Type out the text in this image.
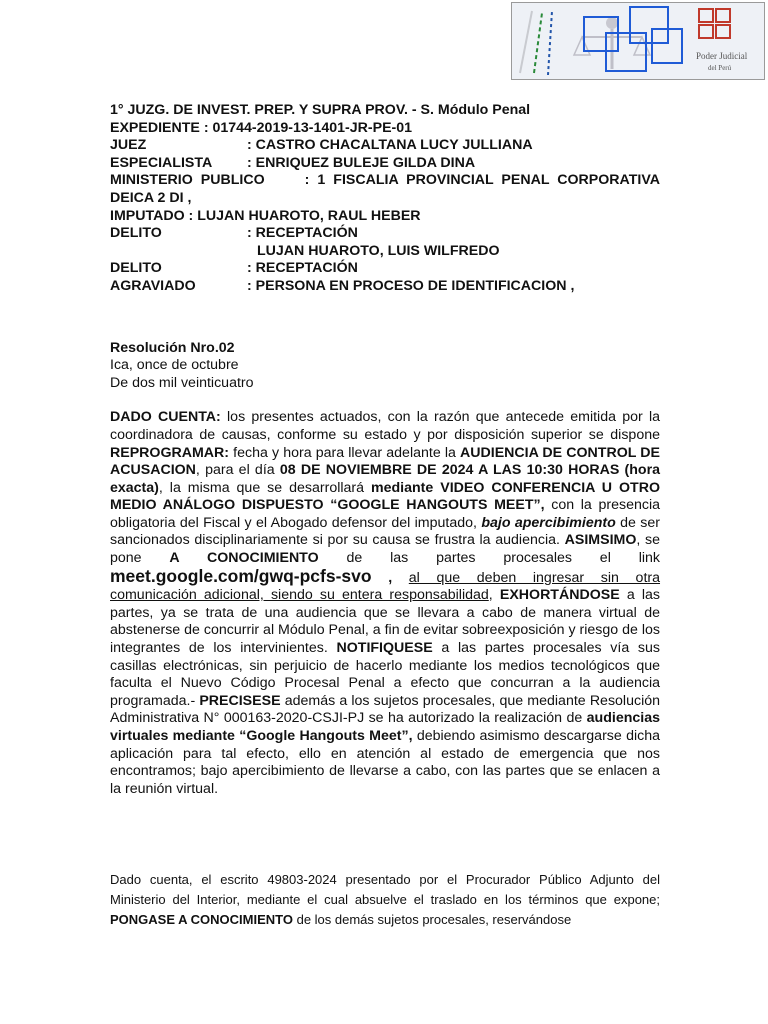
Poder Judicial
del Perú
1° JUZG. DE INVEST. PREP. Y SUPRA PROV. - S. Módulo Penal
EXPEDIENTE : 01744-2019-13-1401-JR-PE-01
JUEZ	: CASTRO CHACALTANA LUCY JULLIANA
ESPECIALISTA	: ENRIQUEZ BULEJE GILDA DINA
MINISTERIO PUBLICO     : 1 FISCALIA PROVINCIAL PENAL CORPORATIVA DEICA 2 DI ,
IMPUTADO : LUJAN HUAROTO, RAUL HEBER
DELITO	: RECEPTACIÓN
LUJAN HUAROTO, LUIS WILFREDO
DELITO	: RECEPTACIÓN
AGRAVIADO	: PERSONA EN PROCESO DE IDENTIFICACION ,
Resolución Nro.02
Ica, once de octubre
De dos mil veinticuatro

DADO CUENTA: los presentes actuados, con la razón que antecede emitida por la coordinadora de causas, conforme su estado y por disposición superior se dispone REPROGRAMAR: fecha y hora para llevar adelante la AUDIENCIA DE CONTROL DE ACUSACION, para el día 08 DE NOVIEMBRE DE 2024 A LAS 10:30 HORAS (hora exacta), la misma que se desarrollará mediante VIDEO CONFERENCIA U OTRO MEDIO ANÁLOGO DISPUESTO “GOOGLE HANGOUTS MEET”, con la presencia obligatoria del Fiscal y el Abogado defensor del imputado, bajo apercibimiento de ser sancionados disciplinariamente si por su causa se frustra la audiencia. ASIMSIMO, se pone A CONOCIMIENTO de las partes procesales el link meet.google.com/gwq-pcfs-svo , al que deben ingresar sin otra comunicación adicional, siendo su entera responsabilidad, EXHORTÁNDOSE a las partes, ya se trata de una audiencia que se llevara a cabo de manera virtual de abstenerse de concurrir al Módulo Penal, a fin de evitar sobreexposición y riesgo de los integrantes de los intervinientes. NOTIFIQUESE a las partes procesales vía sus casillas electrónicas, sin perjuicio de hacerlo mediante los medios tecnológicos que faculta el Nuevo Código Procesal Penal a efecto que concurran a la audiencia programada.- PRECISESE además a los sujetos procesales, que mediante Resolución Administrativa N° 000163-2020-CSJI-PJ se ha autorizado la realización de audiencias virtuales mediante “Google Hangouts Meet”, debiendo asimismo descargarse dicha aplicación para tal efecto, ello en atención al estado de emergencia que nos encontramos; bajo apercibimiento de llevarse a cabo, con las partes que se enlacen a la reunión virtual.

Dado cuenta, el escrito 49803-2024 presentado por el Procurador Público Adjunto del Ministerio del Interior, mediante el cual absuelve el traslado en los términos que expone; PONGASE A CONOCIMIENTO de los demás sujetos procesales, reservándose
